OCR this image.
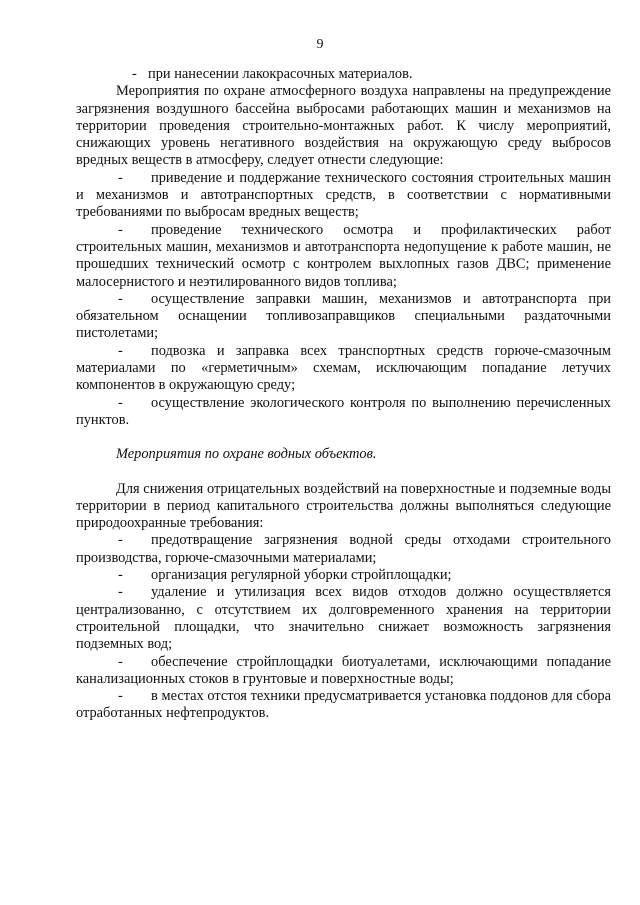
9

- при нанесении лакокрасочных материалов.

Мероприятия по охране атмосферного воздуха направлены на предупреждение загрязнения воздушного бассейна выбросами работающих машин и механизмов на территории проведения строительно-монтажных работ. К числу мероприятий, снижающих уровень негативного воздействия на окружающую среду выбросов вредных веществ в атмосферу, следует отнести следующие:

- приведение и поддержание технического состояния строительных машин и механизмов и автотранспортных средств, в соответствии с нормативными требованиями по выбросам вредных веществ;

- проведение технического осмотра и профилактических работ строительных машин, механизмов и автотранспорта недопущение к работе машин, не прошедших технический осмотр с контролем выхлопных газов ДВС; применение малосернистого и неэтилированного видов топлива;

- осуществление заправки машин, механизмов и автотранспорта при обязательном оснащении топливозаправщиков специальными раздаточными пистолетами;

- подвозка и заправка всех транспортных средств горюче-смазочным материалами по «герметичным» схемам, исключающим попадание летучих компонентов в окружающую среду;

- осуществление экологического контроля по выполнению перечисленных пунктов.

Мероприятия по охране водных объектов.

Для снижения отрицательных воздействий на поверхностные и подземные воды территории в период капитального строительства должны выполняться следующие природоохранные требования:

- предотвращение загрязнения водной среды отходами строительного производства, горюче-смазочными материалами;

- организация регулярной уборки стройплощадки;

- удаление и утилизация всех видов отходов должно осуществляется централизованно, с отсутствием их долговременного хранения на территории строительной площадки, что значительно снижает возможность загрязнения подземных вод;

- обеспечение стройплощадки биотуалетами, исключающими попадание канализационных стоков в грунтовые и поверхностные воды;

- в местах отстоя техники предусматривается установка поддонов для сбора отработанных нефтепродуктов.
